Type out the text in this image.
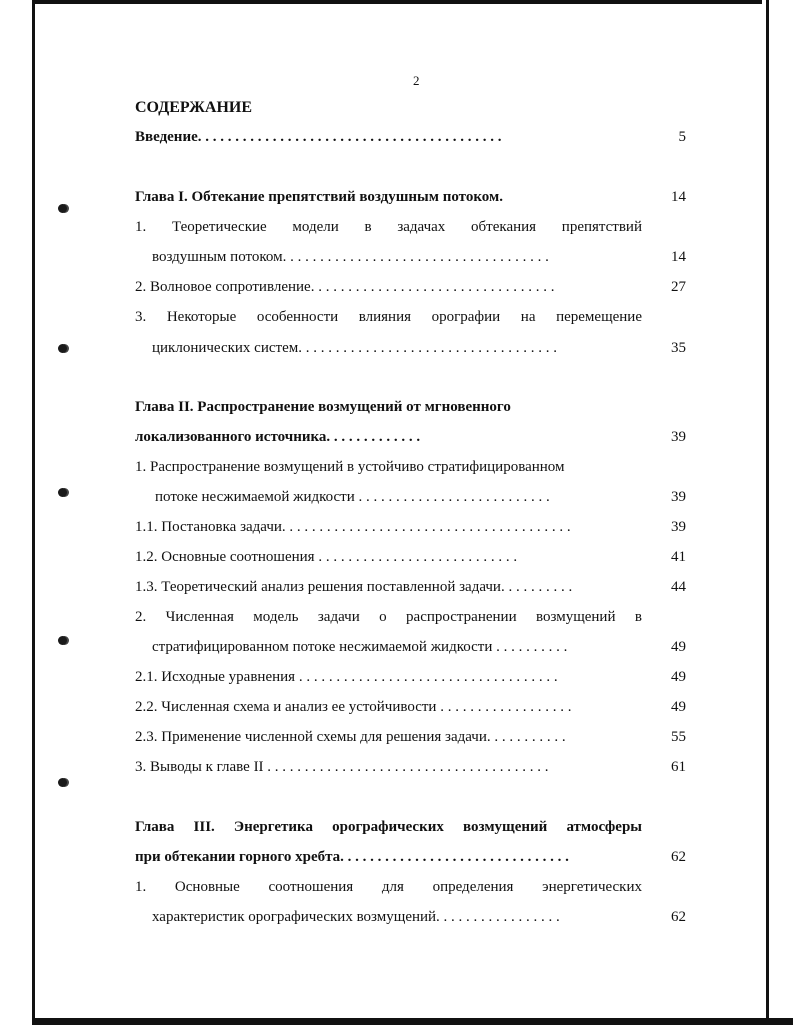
2
СОДЕРЖАНИЕ
Введение. . . . . . . . . . . . . . . . . . . . . . . . . . . . . . . . . . . . . . . . .	5
Глава I. Обтекание препятствий воздушным потоком.	14
1. Теоретические модели в задачах обтекания препятствий
воздушным потоком. . . . . . . . . . . . . . . . . . . . . . . . . . . . . . . . . . . .	14
2. Волновое сопротивление. . . . . . . . . . . . . . . . . . . . . . . . . . . . . . . . .	27
3. Некоторые особенности влияния орографии на перемещение
циклонических систем. . . . . . . . . . . . . . . . . . . . . . . . . . . . . . . . . . .	35
Глава II. Распространение возмущений от мгновенного
локализованного источника. . . . . . . . . . . . .	39
1. Распространение возмущений в устойчиво стратифицированном
потоке несжимаемой жидкости . . . . . . . . . . . . . . . . . . . . . . . . . .	39
1.1. Постановка задачи. . . . . . . . . . . . . . . . . . . . . . . . . . . . . . . . . . . . . . .	39
1.2. Основные соотношения . . . . . . . . . . . . . . . . . . . . . . . . . . .	41
1.3. Теоретический анализ решения поставленной задачи. . . . . . . . . .	44
2. Численная модель задачи о распространении возмущений в
стратифицированном потоке несжимаемой жидкости . . . . . . . . . .	49
2.1. Исходные уравнения . . . . . . . . . . . . . . . . . . . . . . . . . . . . . . . . . . .	49
2.2. Численная схема и анализ ее устойчивости . . . . . . . . . . . . . . . . . .	49
2.3. Применение численной схемы для решения задачи. . . . . . . . . . .	55
3. Выводы к главе II . . . . . . . . . . . . . . . . . . . . . . . . . . . . . . . . . . . . . .	61
Глава III. Энергетика орографических возмущений атмосферы
при обтекании горного хребта. . . . . . . . . . . . . . . . . . . . . . . . . . . . . . .	62
1. Основные соотношения для определения энергетических
характеристик орографических возмущений. . . . . . . . . . . . . . . . .	62
